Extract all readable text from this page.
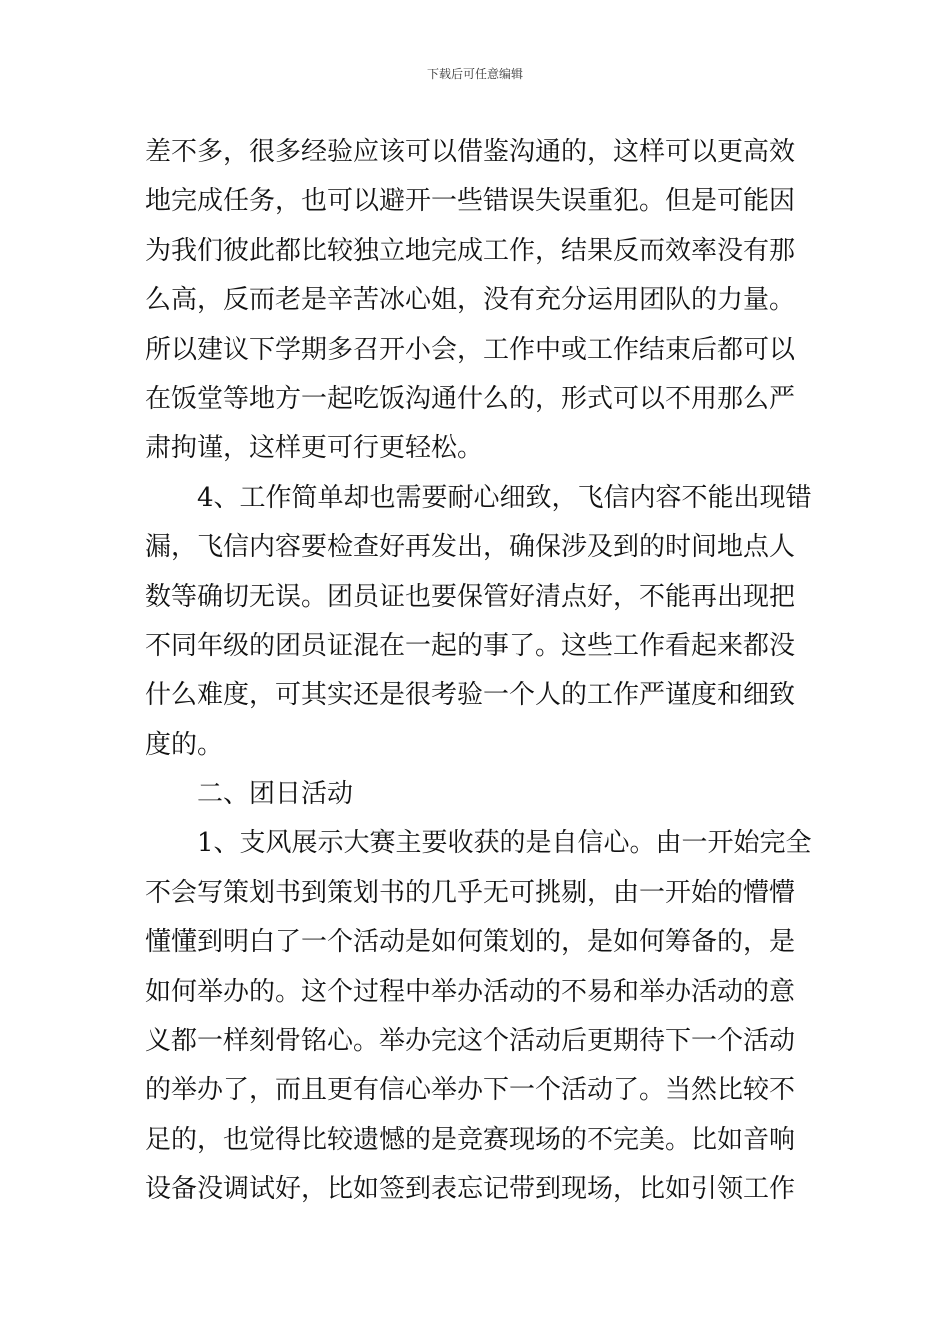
下载后可任意编辑
差不多，很多经验应该可以借鉴沟通的，这样可以更高效
地完成任务，也可以避开一些错误失误重犯。但是可能因
为我们彼此都比较独立地完成工作，结果反而效率没有那
么高，反而老是辛苦冰心姐，没有充分运用团队的力量。
所以建议下学期多召开小会，工作中或工作结束后都可以
在饭堂等地方一起吃饭沟通什么的，形式可以不用那么严
肃拘谨，这样更可行更轻松。
4、工作简单却也需要耐心细致，飞信内容不能出现错
漏，飞信内容要检查好再发出，确保涉及到的时间地点人
数等确切无误。团员证也要保管好清点好，不能再出现把
不同年级的团员证混在一起的事了。这些工作看起来都没
什么难度，可其实还是很考验一个人的工作严谨度和细致
度的。
二、团日活动
1、支风展示大赛主要收获的是自信心。由一开始完全
不会写策划书到策划书的几乎无可挑剔，由一开始的懵懵
懂懂到明白了一个活动是如何策划的，是如何筹备的，是
如何举办的。这个过程中举办活动的不易和举办活动的意
义都一样刻骨铭心。举办完这个活动后更期待下一个活动
的举办了，而且更有信心举办下一个活动了。当然比较不
足的，也觉得比较遗憾的是竞赛现场的不完美。比如音响
设备没调试好，比如签到表忘记带到现场，比如引领工作
